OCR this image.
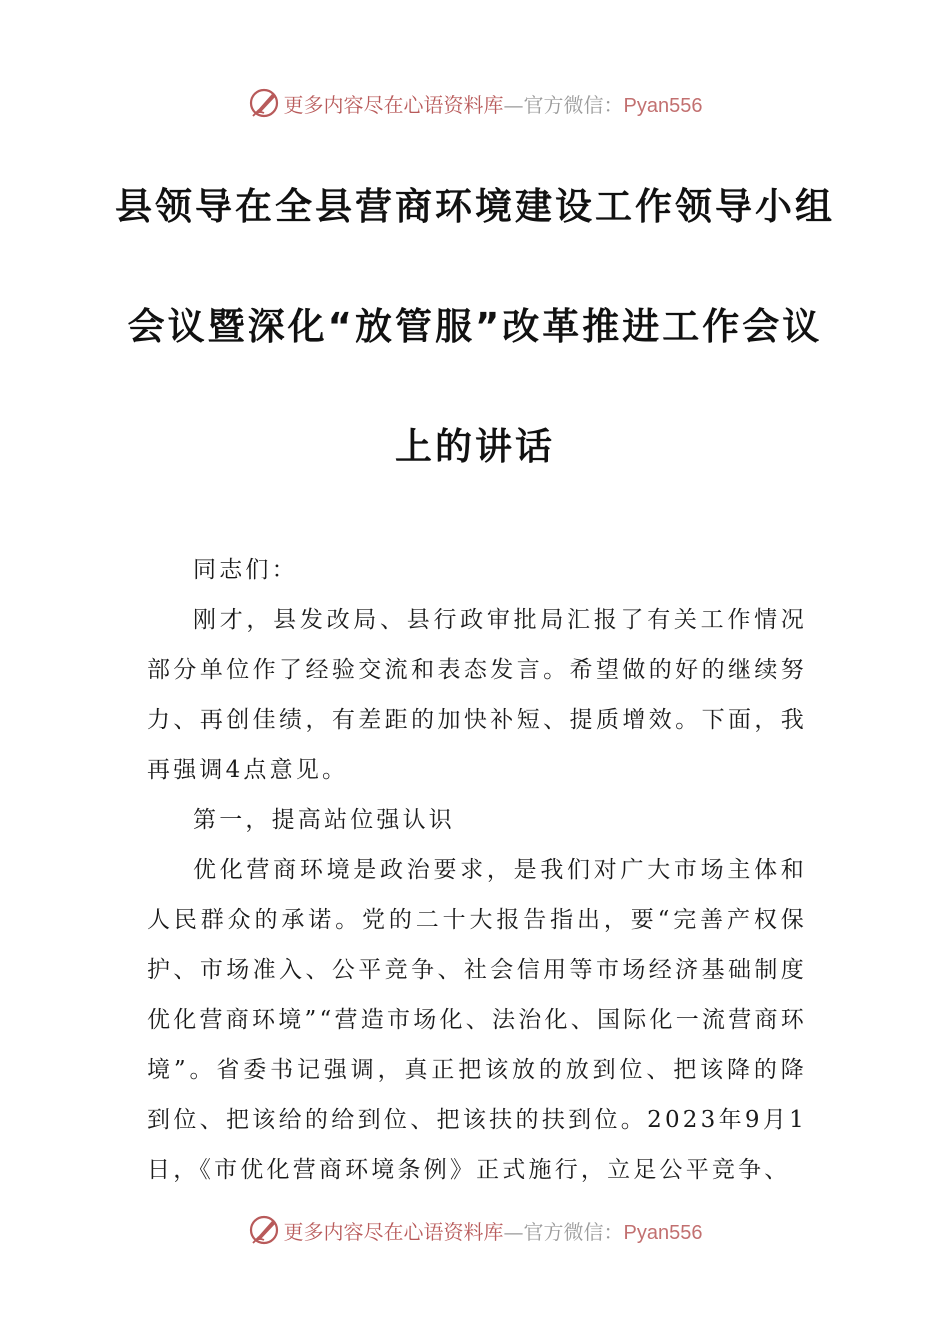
更多内容尽在心语资料库—官方微信：Pyan556
县领导在全县营商环境建设工作领导小组
会议暨深化“放管服”改革推进工作会议
上的讲话

同志们：

刚才，县发改局、县行政审批局汇报了有关工作情况部分单位作了经验交流和表态发言。希望做的好的继续努力、再创佳绩，有差距的加快补短、提质增效。下面，我再强调4点意见。

第一，提高站位强认识

优化营商环境是政治要求，是我们对广大市场主体和人民群众的承诺。党的二十大报告指出，要“完善产权保护、市场准入、公平竞争、社会信用等市场经济基础制度优化营商环境”“营造市场化、法治化、国际化一流营商环境”。省委书记强调，真正把该放的放到位、把该降的降到位、把该给的给到位、把该扶的扶到位。2023年9月1日，《市优化营商环境条例》正式施行，立足公平竞争、

更多内容尽在心语资料库—官方微信：Pyan556
